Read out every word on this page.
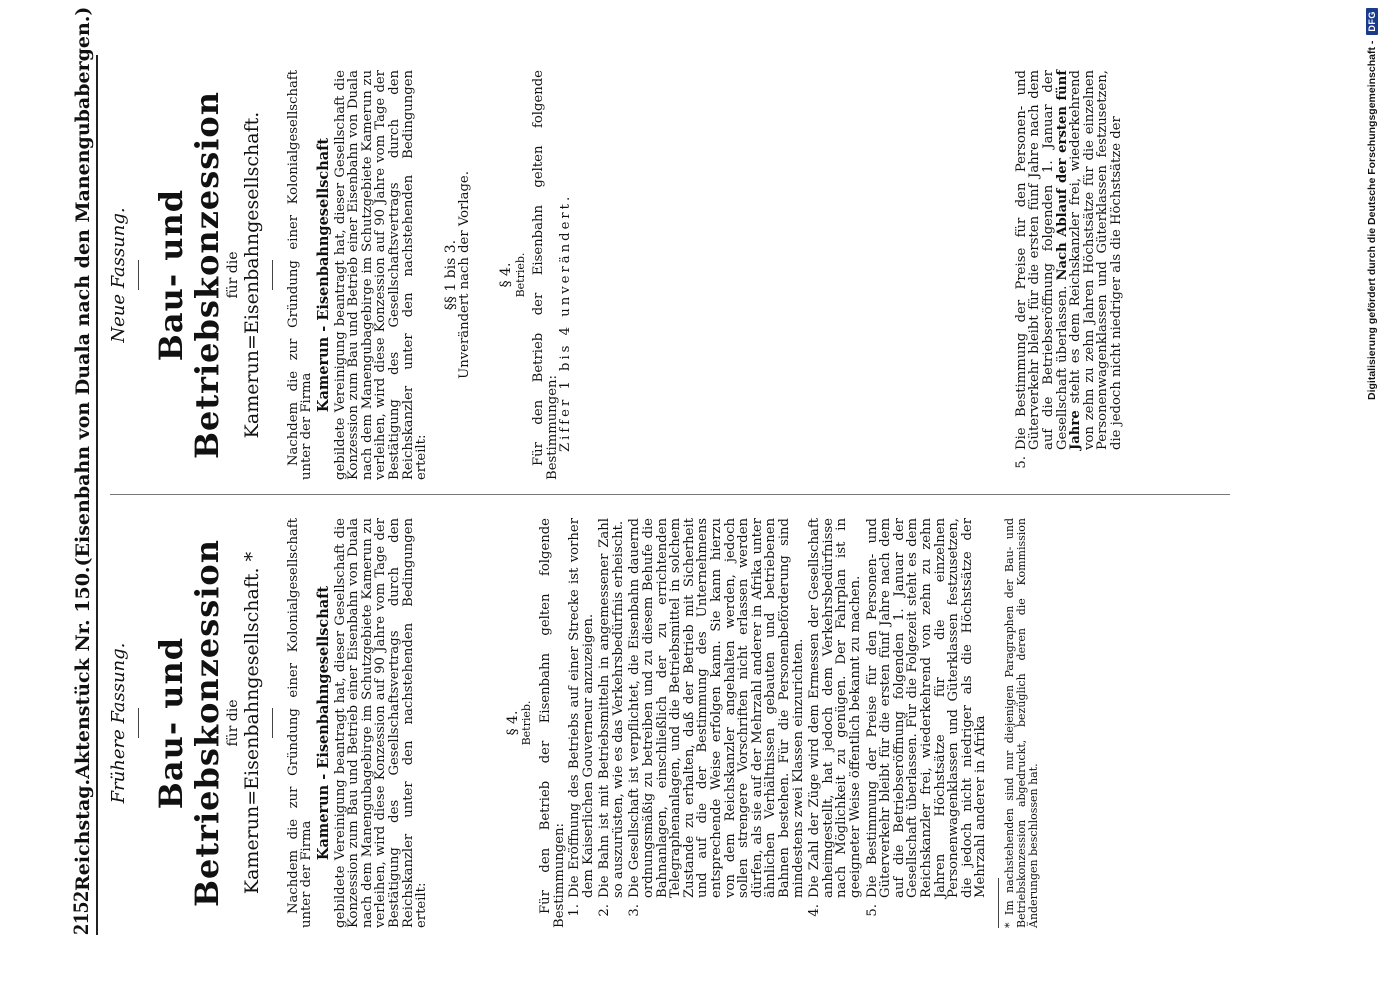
2152
Reichstag.
Aktenstück Nr. 150.
(Eisenbahn von Duala nach den Manengubabergen.)
Frühere Fassung. Bau- und Betriebskonzession für die Kamerun=Eisenbahngesellschaft. * Nachdem die zur Gründung einer Kolonialgesellschaft unter der Firma

Kamerun - Eisenbahngesellschaft gebildete Vereinigung beantragt hat, dieser Gesellschaft die Konzession zum Bau und Betrieb einer Eisenbahn von Duala nach dem Manengubagebirge im Schutzgebiete Kamerun zu verleihen, wird diese Konzession auf 90 Jahre vom Tage der Bestätigung des Gesellschaftsvertrags durch den Reichskanzler unter den nachstehenden Bedingungen erteilt:

§ 4. Betrieb. Für den Betrieb der Eisenbahn gelten folgende Bestimmungen: 1.
Die Eröffnung des Betriebs auf einer Strecke ist vorher dem Kaiserlichen Gouverneur anzuzeigen.
2.
Die Bahn ist mit Betriebsmitteln in angemessener Zahl so auszurüsten, wie es das Verkehrsbedürfnis erheischt.
3.
Die Gesellschaft ist verpflichtet, die Eisenbahn dauernd ordnungsmäßig zu betreiben und zu diesem Behufe die Bahnanlagen, einschließlich der zu errichtenden Telegraphenanlagen, und die Betriebsmittel in solchem Zustande zu erhalten, daß der Betrieb mit Sicherheit und auf die der Bestimmung des Unternehmens entsprechende Weise erfolgen kann. Sie kann hierzu von dem Reichskanzler angehalten werden, jedoch sollen strengere Vorschriften nicht erlassen werden dürfen, als sie auf der Mehrzahl anderer in Afrika unter ähnlichen Verhältnissen gebauten und betriebenen Bahnen bestehen. Für die Personenbeförderung sind mindestens zwei Klassen einzurichten.
4.
Die Zahl der Züge wird dem Ermessen der Gesellschaft anheimgestellt, hat jedoch dem Verkehrsbedürfnisse nach Möglichkeit zu genügen. Der Fahrplan ist in geeigneter Weise öffentlich bekannt zu machen.
5.
Die Bestimmung der Preise für den Personen- und Güterverkehr bleibt für die ersten fünf Jahre nach dem auf die Betriebseröffnung folgenden 1. Januar der Gesellschaft überlassen. Für die Folgezeit steht es dem Reichskanzler frei, wiederkehrend von zehn zu zehn Jahren Höchstsätze für die einzelnen Personenwagenklassen und Güterklassen festzusetzen, die jedoch nicht niedriger als die Höchstsätze der Mehrzahl anderer in Afrika * Im nachstehenden sind nur diejenigen Paragraphen der Bau- und Betriebskonzession abgedruckt, bezüglich deren die Kommission Änderungen beschlossen hat.
Neue Fassung. Bau- und Betriebskonzession für die Kamerun=Eisenbahngesellschaft. Nachdem die zur Gründung einer Kolonialgesellschaft unter der Firma

Kamerun - Eisenbahngesellschaft gebildete Vereinigung beantragt hat, dieser Gesellschaft die Konzession zum Bau und Betrieb einer Eisenbahn von Duala nach dem Manengubagebirge im Schutzgebiete Kamerun zu verleihen, wird diese Konzession auf 90 Jahre vom Tage der Bestätigung des Gesellschaftsvertrags durch den Reichskanzler unter den nachstehenden Bedingungen erteilt:

§§ 1 bis 3.
Unverändert nach der Vorlage. § 4. Betrieb. Für den Betrieb der Eisenbahn gelten folgende Bestimmungen:

Ziffer 1 bis 4 unverändert.

5.
Die Bestimmung der Preise für den Personen- und Güterverkehr bleibt für die ersten fünf Jahre nach dem auf die Betriebseröffnung folgenden 1. Januar der Gesellschaft überlassen. Nach Ablauf der ersten fünf Jahre steht es dem Reichskanzler frei, wiederkehrend von zehn zu zehn Jahren Höchstsätze für die einzelnen Personenwagenklassen und Güterklassen festzusetzen, die jedoch nicht niedriger als die Höchstsätze der	Digitalisierung gefördert durch die Deutsche Forschungsgemeinschaft -
DFG
